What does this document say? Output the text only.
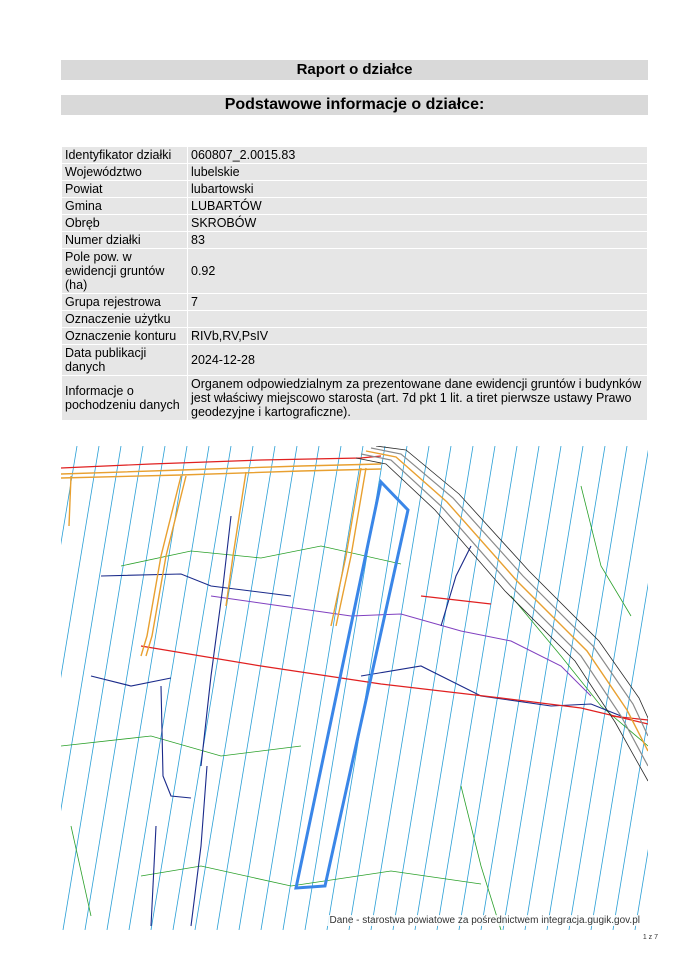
Raport o działce
Podstawowe informacje o działce:
Identyfikator działki	060807_2.0015.83
Województwo	lubelskie
Powiat	lubartowski
Gmina	LUBARTÓW
Obręb	SKROBÓW
Numer działki	83
Pole pow. w ewidencji gruntów (ha)	0.92
Grupa rejestrowa	7
Oznaczenie użytku	
Oznaczenie konturu	RIVb,RV,PsIV
Data publikacji danych	2024-12-28
Informacje o pochodzeniu danych	Organem odpowiedzialnym za prezentowane dane ewidencji gruntów i budynków jest właściwy miejscowo starosta (art. 7d pkt 1 lit. a tiret pierwsze ustawy Prawo geodezyjne i kartograficzne).
Dane - starostwa powiatowe za pośrednictwem integracja.gugik.gov.pl
1 z 7
